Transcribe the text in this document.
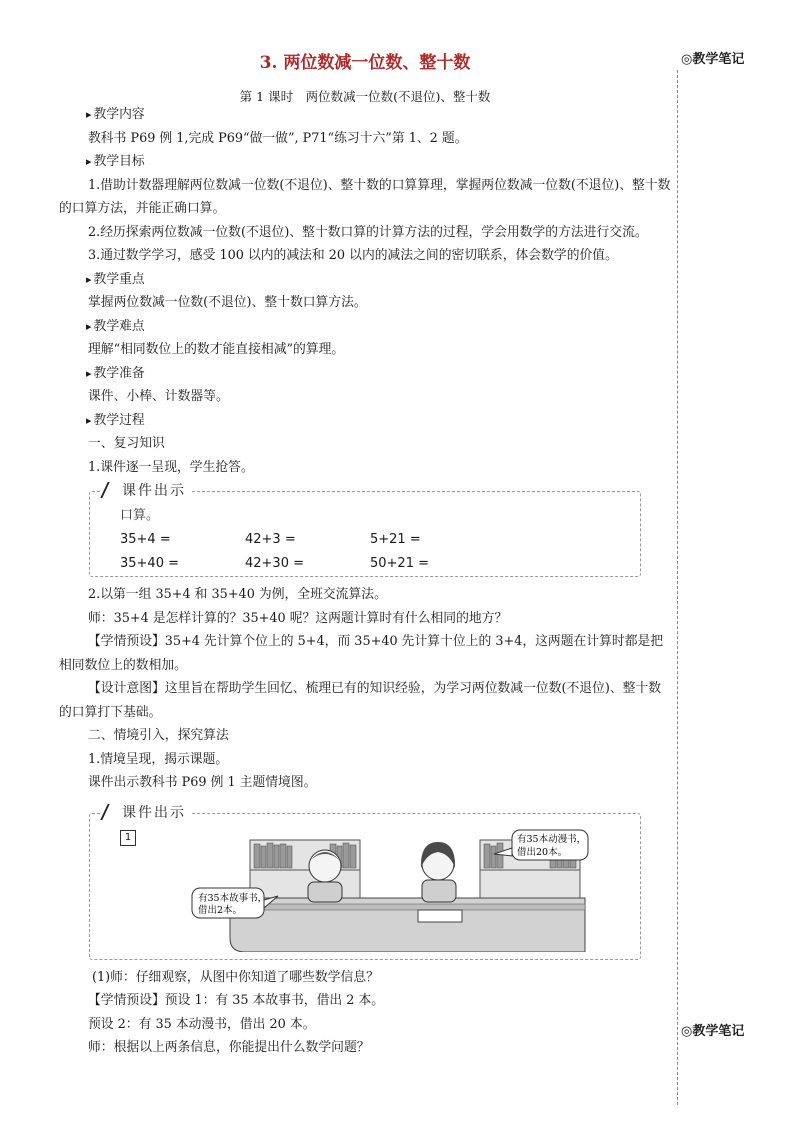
3. 两位数减一位数、整十数
第 1 课时　两位数减一位数(不退位)、整十数
◎教学笔记
◎教学笔记

▸ 教学内容

教科书 P69 例 1,完成 P69“做一做”, P71“练习十六”第 1、2 题。

▸ 教学目标

1.借助计数器理解两位数减一位数(不退位)、整十数的口算算理，掌握两位数减一位数(不退位)、整十数的口算方法，并能正确口算。

2.经历探索两位数减一位数(不退位)、整十数口算的计算方法的过程，学会用数学的方法进行交流。

3.通过数学学习，感受 100 以内的减法和 20 以内的减法之间的密切联系，体会数学的价值。

▸ 教学重点

掌握两位数减一位数(不退位)、整十数口算方法。

▸ 教学难点

理解“相同数位上的数才能直接相减”的算理。

▸ 教学准备

课件、小棒、计数器等。

▸ 教学过程

一、复习知识

1.课件逐一呈现，学生抢答。

课件出示
口算。
35+4 =	42+3 =	5+21 =
35+40 =	42+30 =	50+21 =

2.以第一组 35+4 和 35+40 为例，全班交流算法。

师：35+4 是怎样计算的？35+40 呢？这两题计算时有什么相同的地方？

【学情预设】35+4 先计算个位上的 5+4，而 35+40 先计算十位上的 3+4，这两题在计算时都是把相同数位上的数相加。

【设计意图】这里旨在帮助学生回忆、梳理已有的知识经验，为学习两位数减一位数(不退位)、整十数的口算打下基础。

二、情境引入，探究算法

1.情境呈现，揭示课题。

课件出示教科书 P69 例 1 主题情境图。

课件出示
1
有35本故事书，
借出2本。
有35本动漫书，
借出20本。

(1)师：仔细观察，从图中你知道了哪些数学信息？

【学情预设】预设 1：有 35 本故事书，借出 2 本。

预设 2：有 35 本动漫书，借出 20 本。

师：根据以上两条信息，你能提出什么数学问题？
